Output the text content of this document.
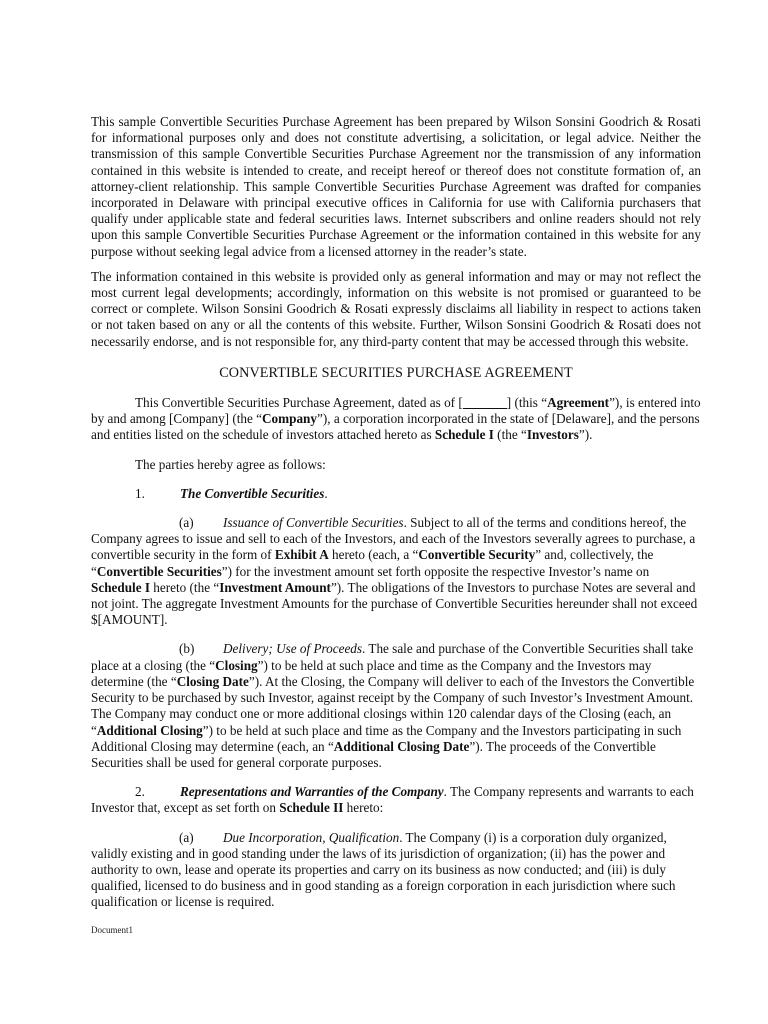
This sample Convertible Securities Purchase Agreement has been prepared by Wilson Sonsini Goodrich & Rosati for informational purposes only and does not constitute advertising, a solicitation, or legal advice. Neither the transmission of this sample Convertible Securities Purchase Agreement nor the transmission of any information contained in this website is intended to create, and receipt hereof or thereof does not constitute formation of, an attorney-client relationship. This sample Convertible Securities Purchase Agreement was drafted for companies incorporated in Delaware with principal executive offices in California for use with California purchasers that qualify under applicable state and federal securities laws. Internet subscribers and online readers should not rely upon this sample Convertible Securities Purchase Agreement or the information contained in this website for any purpose without seeking legal advice from a licensed attorney in the reader’s state.

The information contained in this website is provided only as general information and may or may not reflect the most current legal developments; accordingly, information on this website is not promised or guaranteed to be correct or complete. Wilson Sonsini Goodrich & Rosati expressly disclaims all liability in respect to actions taken or not taken based on any or all the contents of this website. Further, Wilson Sonsini Goodrich & Rosati does not necessarily endorse, and is not responsible for, any third-party content that may be accessed through this website.

CONVERTIBLE SECURITIES PURCHASE AGREEMENT

This Convertible Securities Purchase Agreement, dated as of [	] (this “Agreement”), is entered into by and among [Company] (the “Company”), a corporation incorporated in the state of [Delaware], and the persons and entities listed on the schedule of investors attached hereto as Schedule I (the “Investors”).

The parties hereby agree as follows:

1.	The Convertible Securities.

(a) Issuance of Convertible Securities. Subject to all of the terms and conditions hereof, the Company agrees to issue and sell to each of the Investors, and each of the Investors severally agrees to purchase, a convertible security in the form of Exhibit A hereto (each, a “Convertible Security” and, collectively, the “Convertible Securities”) for the investment amount set forth opposite the respective Investor’s name on Schedule I hereto (the “Investment Amount”). The obligations of the Investors to purchase Notes are several and not joint. The aggregate Investment Amounts for the purchase of Convertible Securities hereunder shall not exceed $[AMOUNT].

(b) Delivery; Use of Proceeds. The sale and purchase of the Convertible Securities shall take place at a closing (the “Closing”) to be held at such place and time as the Company and the Investors may determine (the “Closing Date”). At the Closing, the Company will deliver to each of the Investors the Convertible Security to be purchased by such Investor, against receipt by the Company of such Investor’s Investment Amount. The Company may conduct one or more additional closings within 120 calendar days of the Closing (each, an “Additional Closing”) to be held at such place and time as the Company and the Investors participating in such Additional Closing may determine (each, an “Additional Closing Date”). The proceeds of the Convertible Securities shall be used for general corporate purposes.

2.	Representations and Warranties of the Company. The Company represents and warrants to each Investor that, except as set forth on Schedule II hereto:

(a) Due Incorporation, Qualification. The Company (i) is a corporation duly organized, validly existing and in good standing under the laws of its jurisdiction of organization; (ii) has the power and authority to own, lease and operate its properties and carry on its business as now conducted; and (iii) is duly qualified, licensed to do business and in good standing as a foreign corporation in each jurisdiction where such qualification or license is required.

Document1
